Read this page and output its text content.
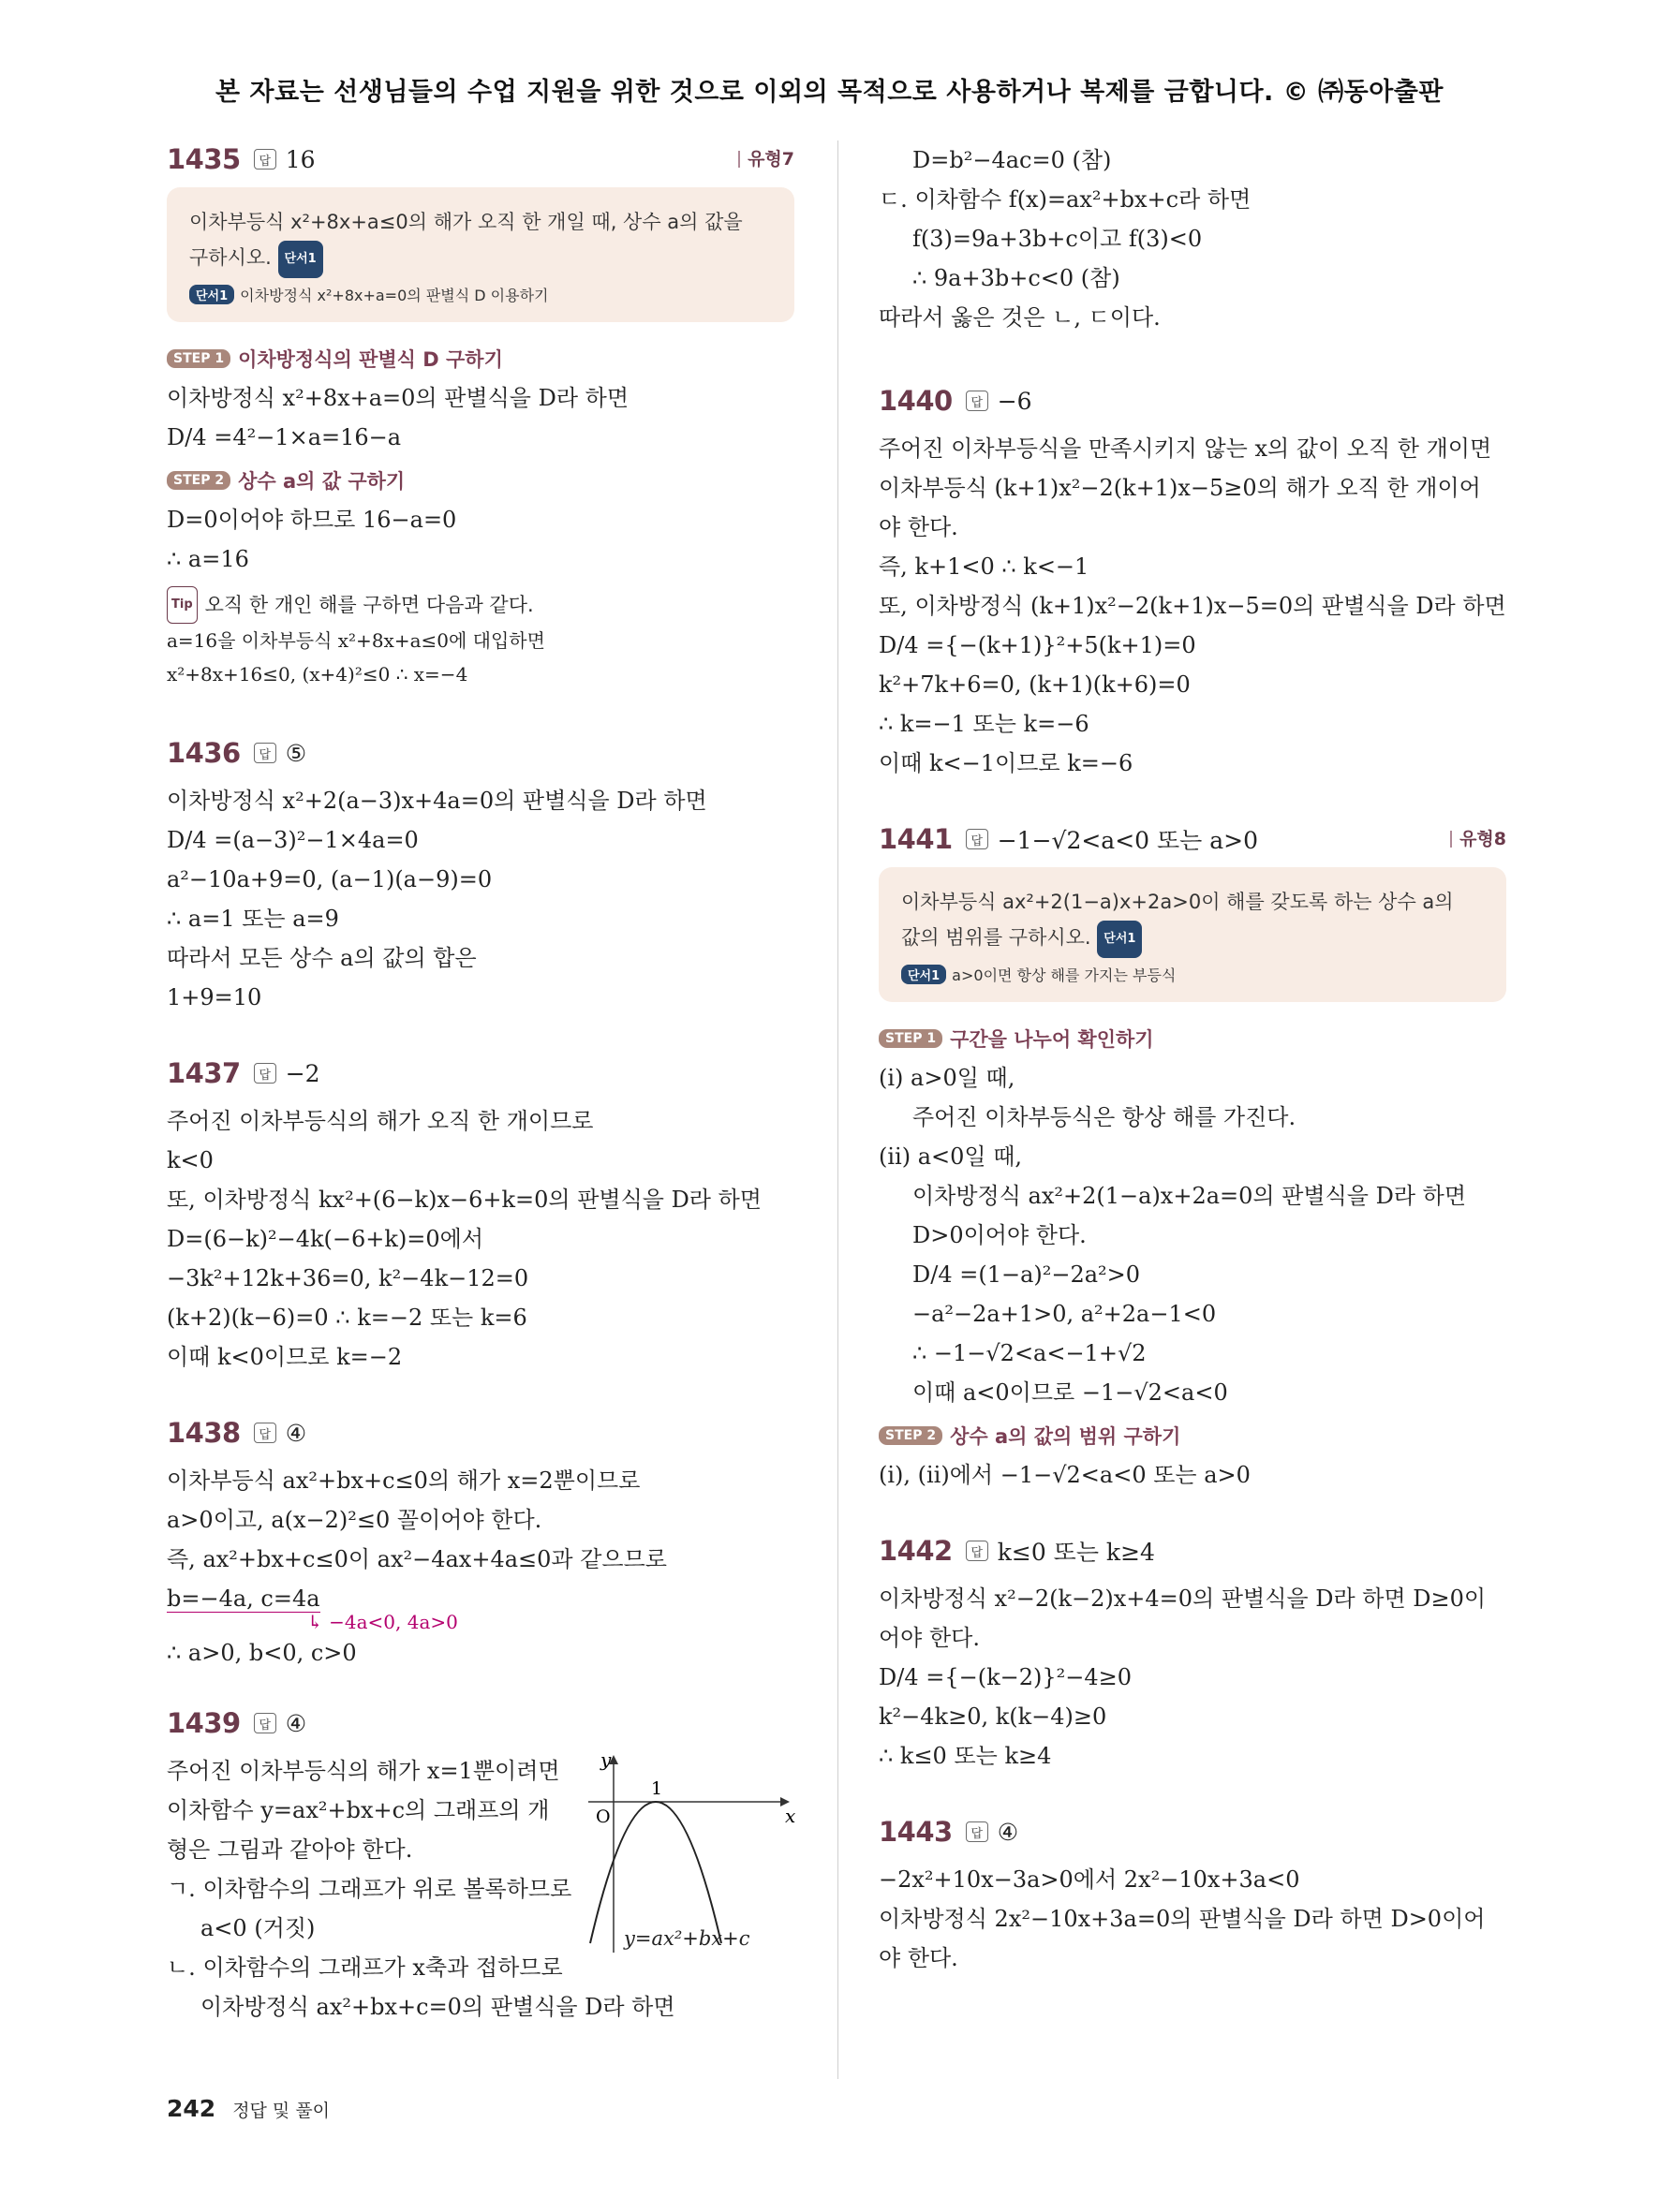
본 자료는 선생님들의 수업 지원을 위한 것으로 이외의 목적으로 사용하거나 복제를 금합니다. © ㈜동아출판
1435	답 16	유형7
이차부등식 x²+8x+a≤0의 해가 오직 한 개일 때, 상수 a의 값을
구하시오. 단서1
단서1 이차방정식 x²+8x+a=0의 판별식 D 이용하기
STEP 1 이차방정식의 판별식 D 구하기
이차방정식 x²+8x+a=0의 판별식을 D라 하면
D/4 =4²−1×a=16−a
STEP 2 상수 a의 값 구하기
D=0이어야 하므로 16−a=0
∴ a=16
Tip 오직 한 개인 해를 구하면 다음과 같다.
a=16을 이차부등식 x²+8x+a≤0에 대입하면
x²+8x+16≤0, (x+4)²≤0 ∴ x=−4
1436	답 ⑤
이차방정식 x²+2(a−3)x+4a=0의 판별식을 D라 하면
D/4 =(a−3)²−1×4a=0
a²−10a+9=0, (a−1)(a−9)=0
∴ a=1 또는 a=9
따라서 모든 상수 a의 값의 합은
1+9=10
1437	답 −2
주어진 이차부등식의 해가 오직 한 개이므로
k<0
또, 이차방정식 kx²+(6−k)x−6+k=0의 판별식을 D라 하면
D=(6−k)²−4k(−6+k)=0에서
−3k²+12k+36=0, k²−4k−12=0
(k+2)(k−6)=0 ∴ k=−2 또는 k=6
이때 k<0이므로 k=−2
1438	답 ④
이차부등식 ax²+bx+c≤0의 해가 x=2뿐이므로
a>0이고, a(x−2)²≤0 꼴이어야 한다.
즉, ax²+bx+c≤0이 ax²−4ax+4a≤0과 같으므로
b=−4a, c=4a
↳ −4a<0, 4a>0
∴ a>0, b<0, c>0
1439	답 ④
주어진 이차부등식의 해가 x=1뿐이려면
이차함수 y=ax²+bx+c의 그래프의 개
형은 그림과 같아야 한다.
ㄱ. 이차함수의 그래프가 위로 볼록하므로
a<0 (거짓)
ㄴ. 이차함수의 그래프가 x축과 접하므로
이차방정식 ax²+bx+c=0의 판별식을 D라 하면
y
x
O
1
y=ax²+bx+c
D=b²−4ac=0 (참)
ㄷ. 이차함수 f(x)=ax²+bx+c라 하면
f(3)=9a+3b+c이고 f(3)<0
∴ 9a+3b+c<0 (참)
따라서 옳은 것은 ㄴ, ㄷ이다.
1440	답 −6
주어진 이차부등식을 만족시키지 않는 x의 값이 오직 한 개이면
이차부등식 (k+1)x²−2(k+1)x−5≥0의 해가 오직 한 개이어
야 한다.
즉, k+1<0 ∴ k<−1
또, 이차방정식 (k+1)x²−2(k+1)x−5=0의 판별식을 D라 하면
D/4 ={−(k+1)}²+5(k+1)=0
k²+7k+6=0, (k+1)(k+6)=0
∴ k=−1 또는 k=−6
이때 k<−1이므로 k=−6
1441	답 −1−√2<a<0 또는 a>0	유형8
이차부등식 ax²+2(1−a)x+2a>0이 해를 갖도록 하는 상수 a의
값의 범위를 구하시오. 단서1
단서1 a>0이면 항상 해를 가지는 부등식
STEP 1 구간을 나누어 확인하기
(ⅰ) a>0일 때,
주어진 이차부등식은 항상 해를 가진다.
(ⅱ) a<0일 때,
이차방정식 ax²+2(1−a)x+2a=0의 판별식을 D라 하면
D>0이어야 한다.
D/4 =(1−a)²−2a²>0
−a²−2a+1>0, a²+2a−1<0
∴ −1−√2<a<−1+√2
이때 a<0이므로 −1−√2<a<0
STEP 2 상수 a의 값의 범위 구하기
(ⅰ), (ⅱ)에서 −1−√2<a<0 또는 a>0
1442	답 k≤0 또는 k≥4
이차방정식 x²−2(k−2)x+4=0의 판별식을 D라 하면 D≥0이
어야 한다.
D/4 ={−(k−2)}²−4≥0
k²−4k≥0, k(k−4)≥0
∴ k≤0 또는 k≥4
1443	답 ④
−2x²+10x−3a>0에서 2x²−10x+3a<0
이차방정식 2x²−10x+3a=0의 판별식을 D라 하면 D>0이어
야 한다.
242 정답 및 풀이
